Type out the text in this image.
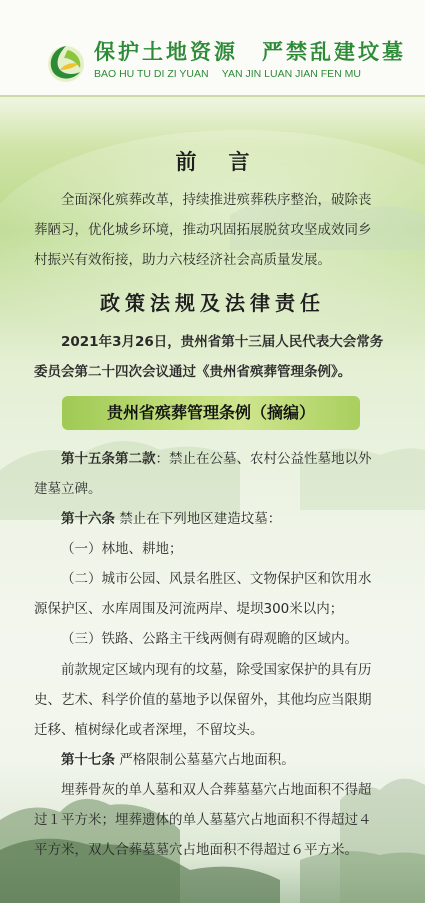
保护土地资源　严禁乱建坟墓
BAO HU TU DI ZI YUAN　 YAN JIN LUAN JIAN FEN MU
前言
全面深化殡葬改革，持续推进殡葬秩序整治，破除丧
葬陋习，优化城乡环境，推动巩固拓展脱贫攻坚成效同乡
村振兴有效衔接，助力六枝经济社会高质量发展。
政策法规及法律责任
2021年3月26日，贵州省第十三届人民代表大会常务
委员会第二十四次会议通过《贵州省殡葬管理条例》。
贵州省殡葬管理条例（摘编）
第十五条第二款：禁止在公墓、农村公益性墓地以外
建墓立碑。
第十六条 禁止在下列地区建造坟墓：
（一）林地、耕地；
（二）城市公园、风景名胜区、文物保护区和饮用水
源保护区、水库周围及河流两岸、堤坝300米以内；
（三）铁路、公路主干线两侧有碍观瞻的区域内。
前款规定区域内现有的坟墓，除受国家保护的具有历
史、艺术、科学价值的墓地予以保留外，其他均应当限期
迁移、植树绿化或者深埋，不留坟头。
第十七条 严格限制公墓墓穴占地面积。
埋葬骨灰的单人墓和双人合葬墓墓穴占地面积不得超
过１平方米；埋葬遗体的单人墓墓穴占地面积不得超过４
平方米，双人合葬墓墓穴占地面积不得超过６平方米。
